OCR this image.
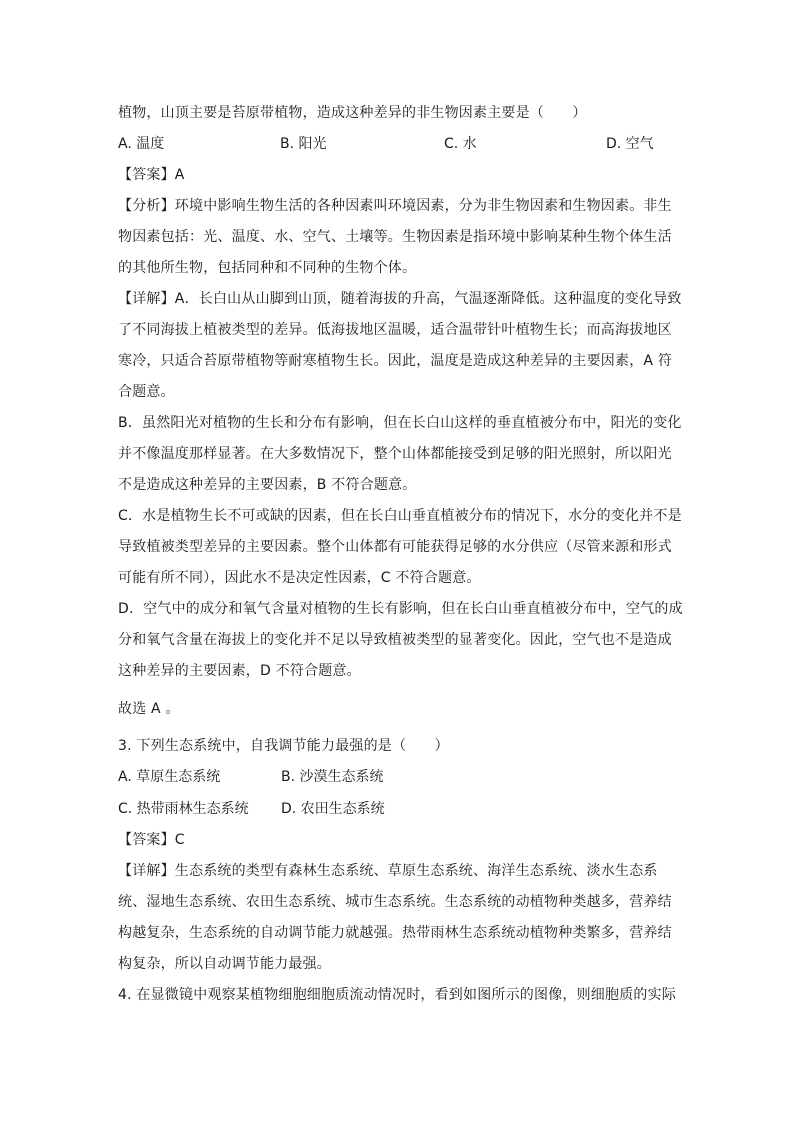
植物，山顶主要是苔原带植物，造成这种差异的非生物因素主要是（　　）
A. 温度	B. 阳光	C. 水	D. 空气
【答案】A
【分析】环境中影响生物生活的各种因素叫环境因素，分为非生物因素和生物因素。非生
物因素包括：光、温度、水、空气、土壤等。生物因素是指环境中影响某种生物个体生活
的其他所生物，包括同种和不同种的生物个体。
【详解】A．长白山从山脚到山顶，随着海拔的升高，气温逐渐降低。这种温度的变化导致
了不同海拔上植被类型的差异。低海拔地区温暖，适合温带针叶植物生长；而高海拔地区
寒冷，只适合苔原带植物等耐寒植物生长。因此，温度是造成这种差异的主要因素，A 符
合题意。
B．虽然阳光对植物的生长和分布有影响，但在长白山这样的垂直植被分布中，阳光的变化
并不像温度那样显著。在大多数情况下，整个山体都能接受到足够的阳光照射，所以阳光
不是造成这种差异的主要因素，B 不符合题意。
C．水是植物生长不可或缺的因素，但在长白山垂直植被分布的情况下，水分的变化并不是
导致植被类型差异的主要因素。整个山体都有可能获得足够的水分供应（尽管来源和形式
可能有所不同），因此水不是决定性因素，C 不符合题意。
D．空气中的成分和氧气含量对植物的生长有影响，但在长白山垂直植被分布中，空气的成
分和氧气含量在海拔上的变化并不足以导致植被类型的显著变化。因此，空气也不是造成
这种差异的主要因素，D 不符合题意。
故选 A 。
3. 下列生态系统中，自我调节能力最强的是（　　）
A. 草原生态系统	B. 沙漠生态系统
C. 热带雨林生态系统 D. 农田生态系统
【答案】C
【详解】生态系统的类型有森林生态系统、草原生态系统、海洋生态系统、淡水生态系
统、湿地生态系统、农田生态系统、城市生态系统。生态系统的动植物种类越多，营养结
构越复杂，生态系统的自动调节能力就越强。热带雨林生态系统动植物种类繁多，营养结
构复杂，所以自动调节能力最强。
4. 在显微镜中观察某植物细胞细胞质流动情况时，看到如图所示的图像，则细胞质的实际
